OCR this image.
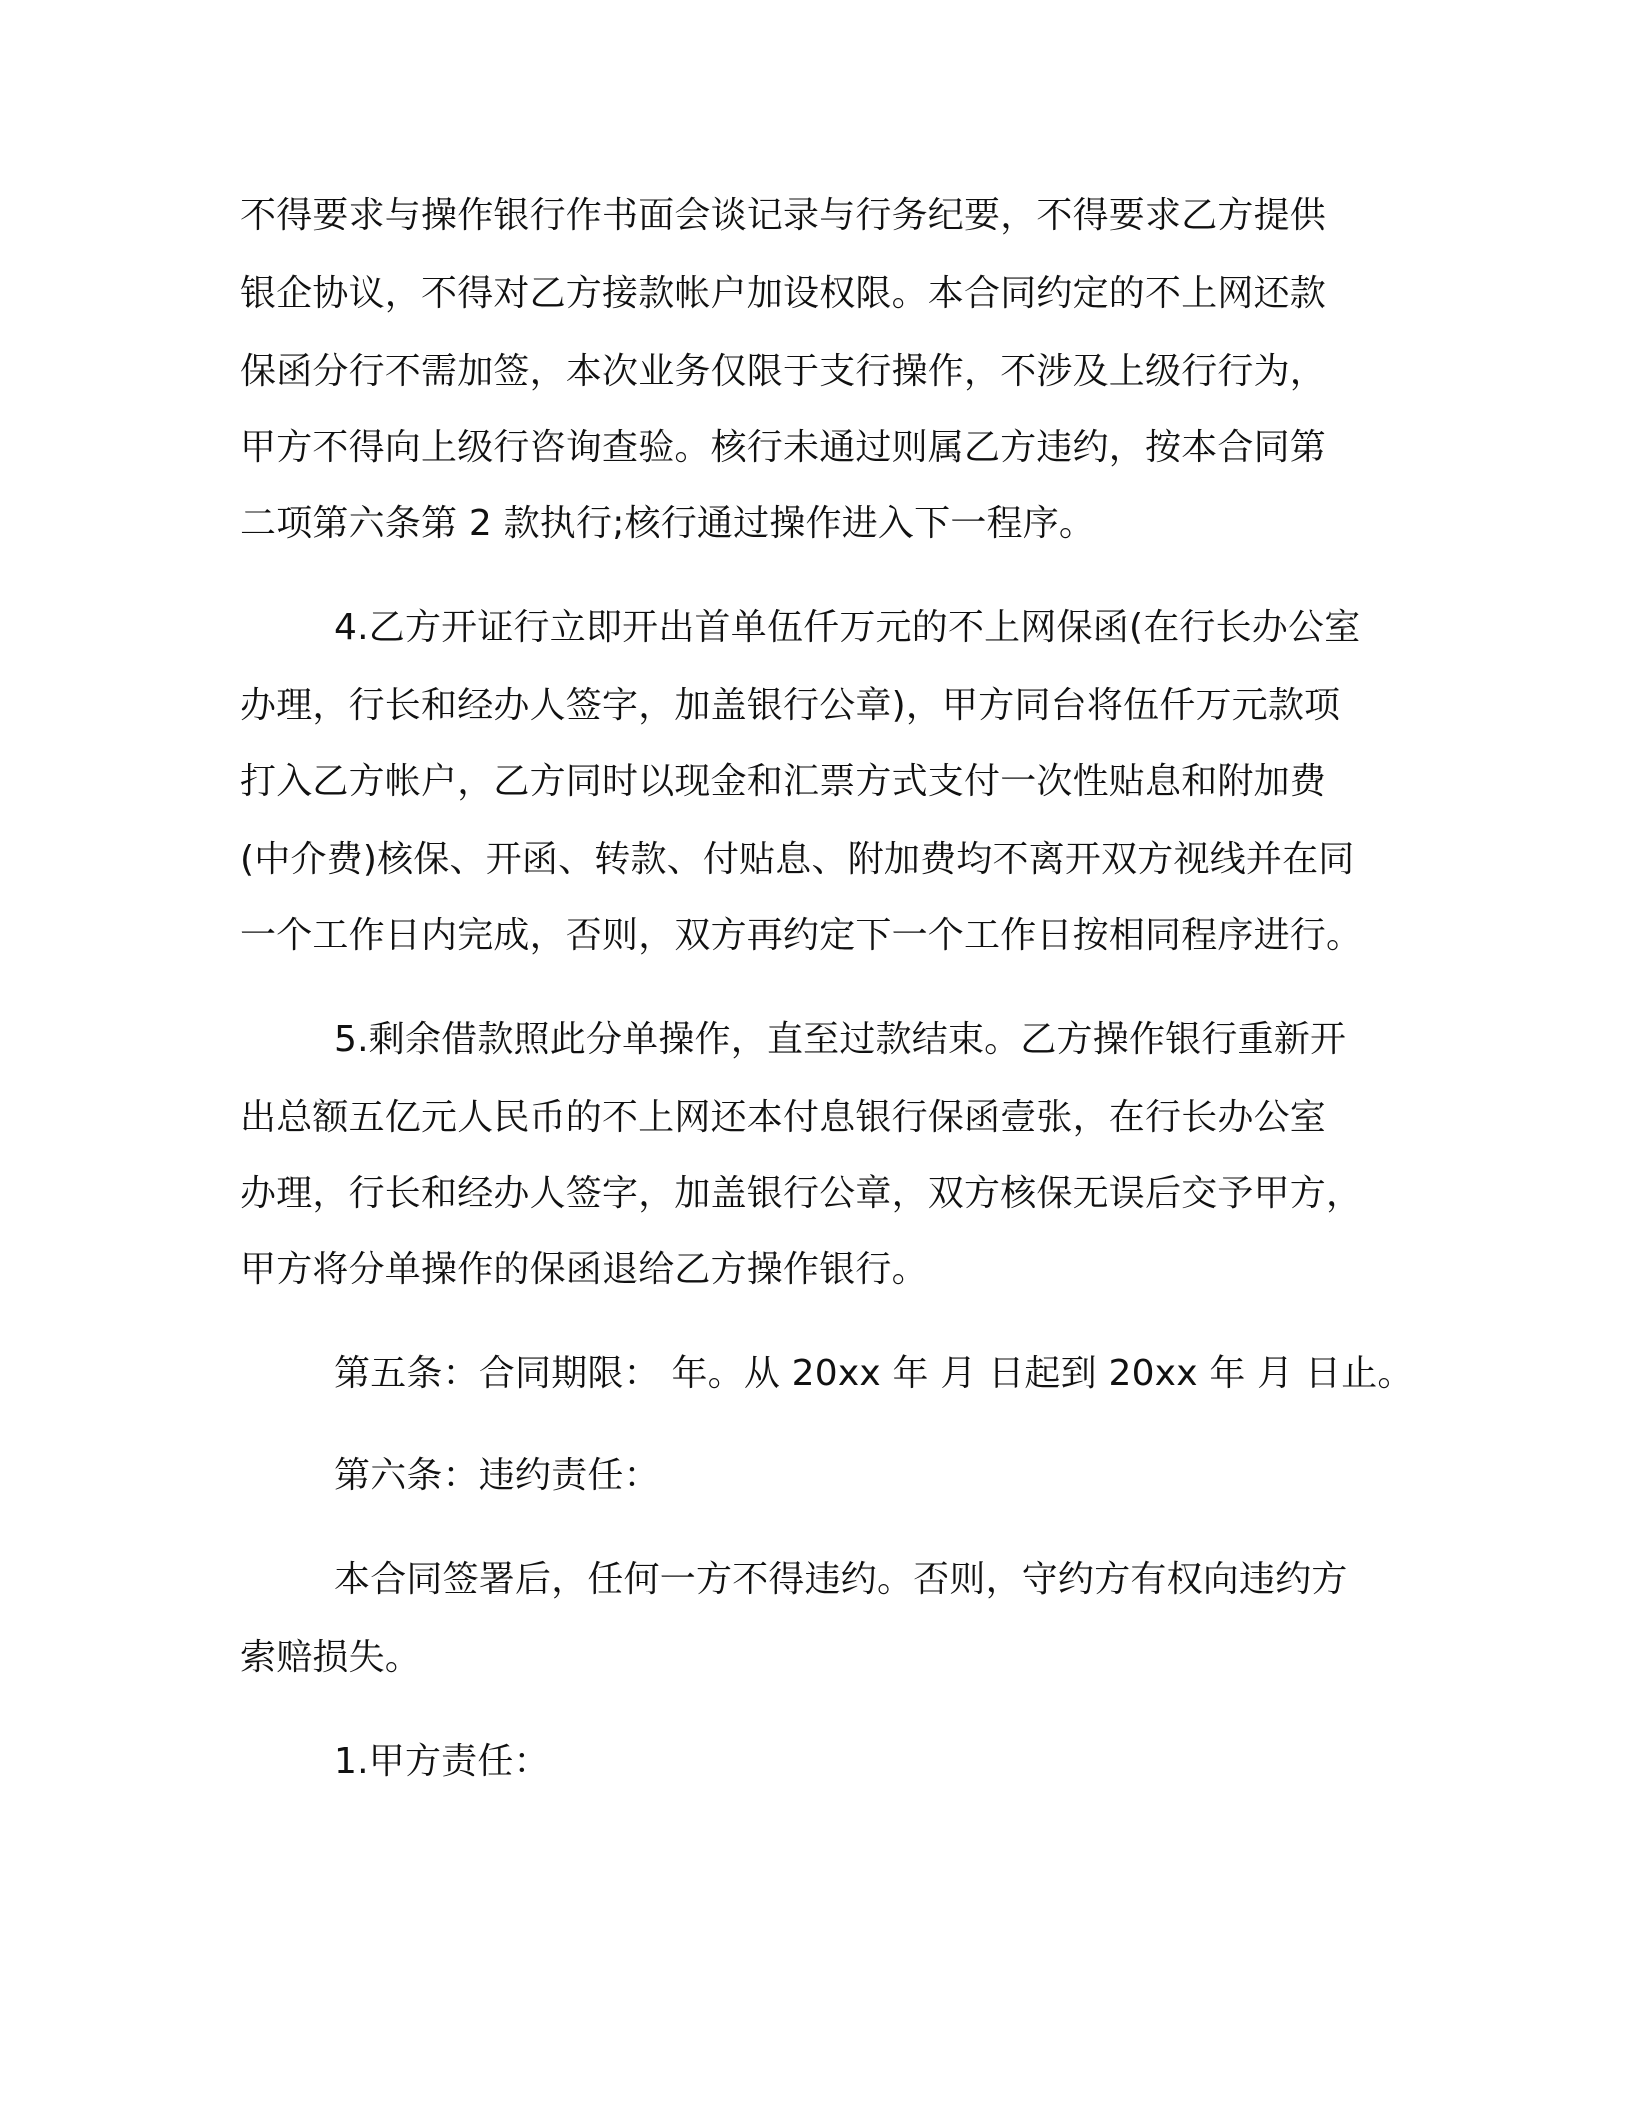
不得要求与操作银行作书面会谈记录与行务纪要，不得要求乙方提供
银企协议，不得对乙方接款帐户加设权限。本合同约定的不上网还款
保函分行不需加签，本次业务仅限于支行操作，不涉及上级行行为，
甲方不得向上级行咨询查验。核行未通过则属乙方违约，按本合同第
二项第六条第 2 款执行;核行通过操作进入下一程序。
4.乙方开证行立即开出首单伍仟万元的不上网保函(在行长办公室
办理，行长和经办人签字，加盖银行公章)，甲方同台将伍仟万元款项
打入乙方帐户，乙方同时以现金和汇票方式支付一次性贴息和附加费
(中介费)核保、开函、转款、付贴息、附加费均不离开双方视线并在同
一个工作日内完成，否则，双方再约定下一个工作日按相同程序进行。
5.剩余借款照此分单操作，直至过款结束。乙方操作银行重新开
出总额五亿元人民币的不上网还本付息银行保函壹张，在行长办公室
办理，行长和经办人签字，加盖银行公章，双方核保无误后交予甲方，
甲方将分单操作的保函退给乙方操作银行。
第五条：合同期限： 年。从 20xx 年 月 日起到 20xx 年 月 日止。
第六条：违约责任：
本合同签署后，任何一方不得违约。否则，守约方有权向违约方
索赔损失。
1.甲方责任：
